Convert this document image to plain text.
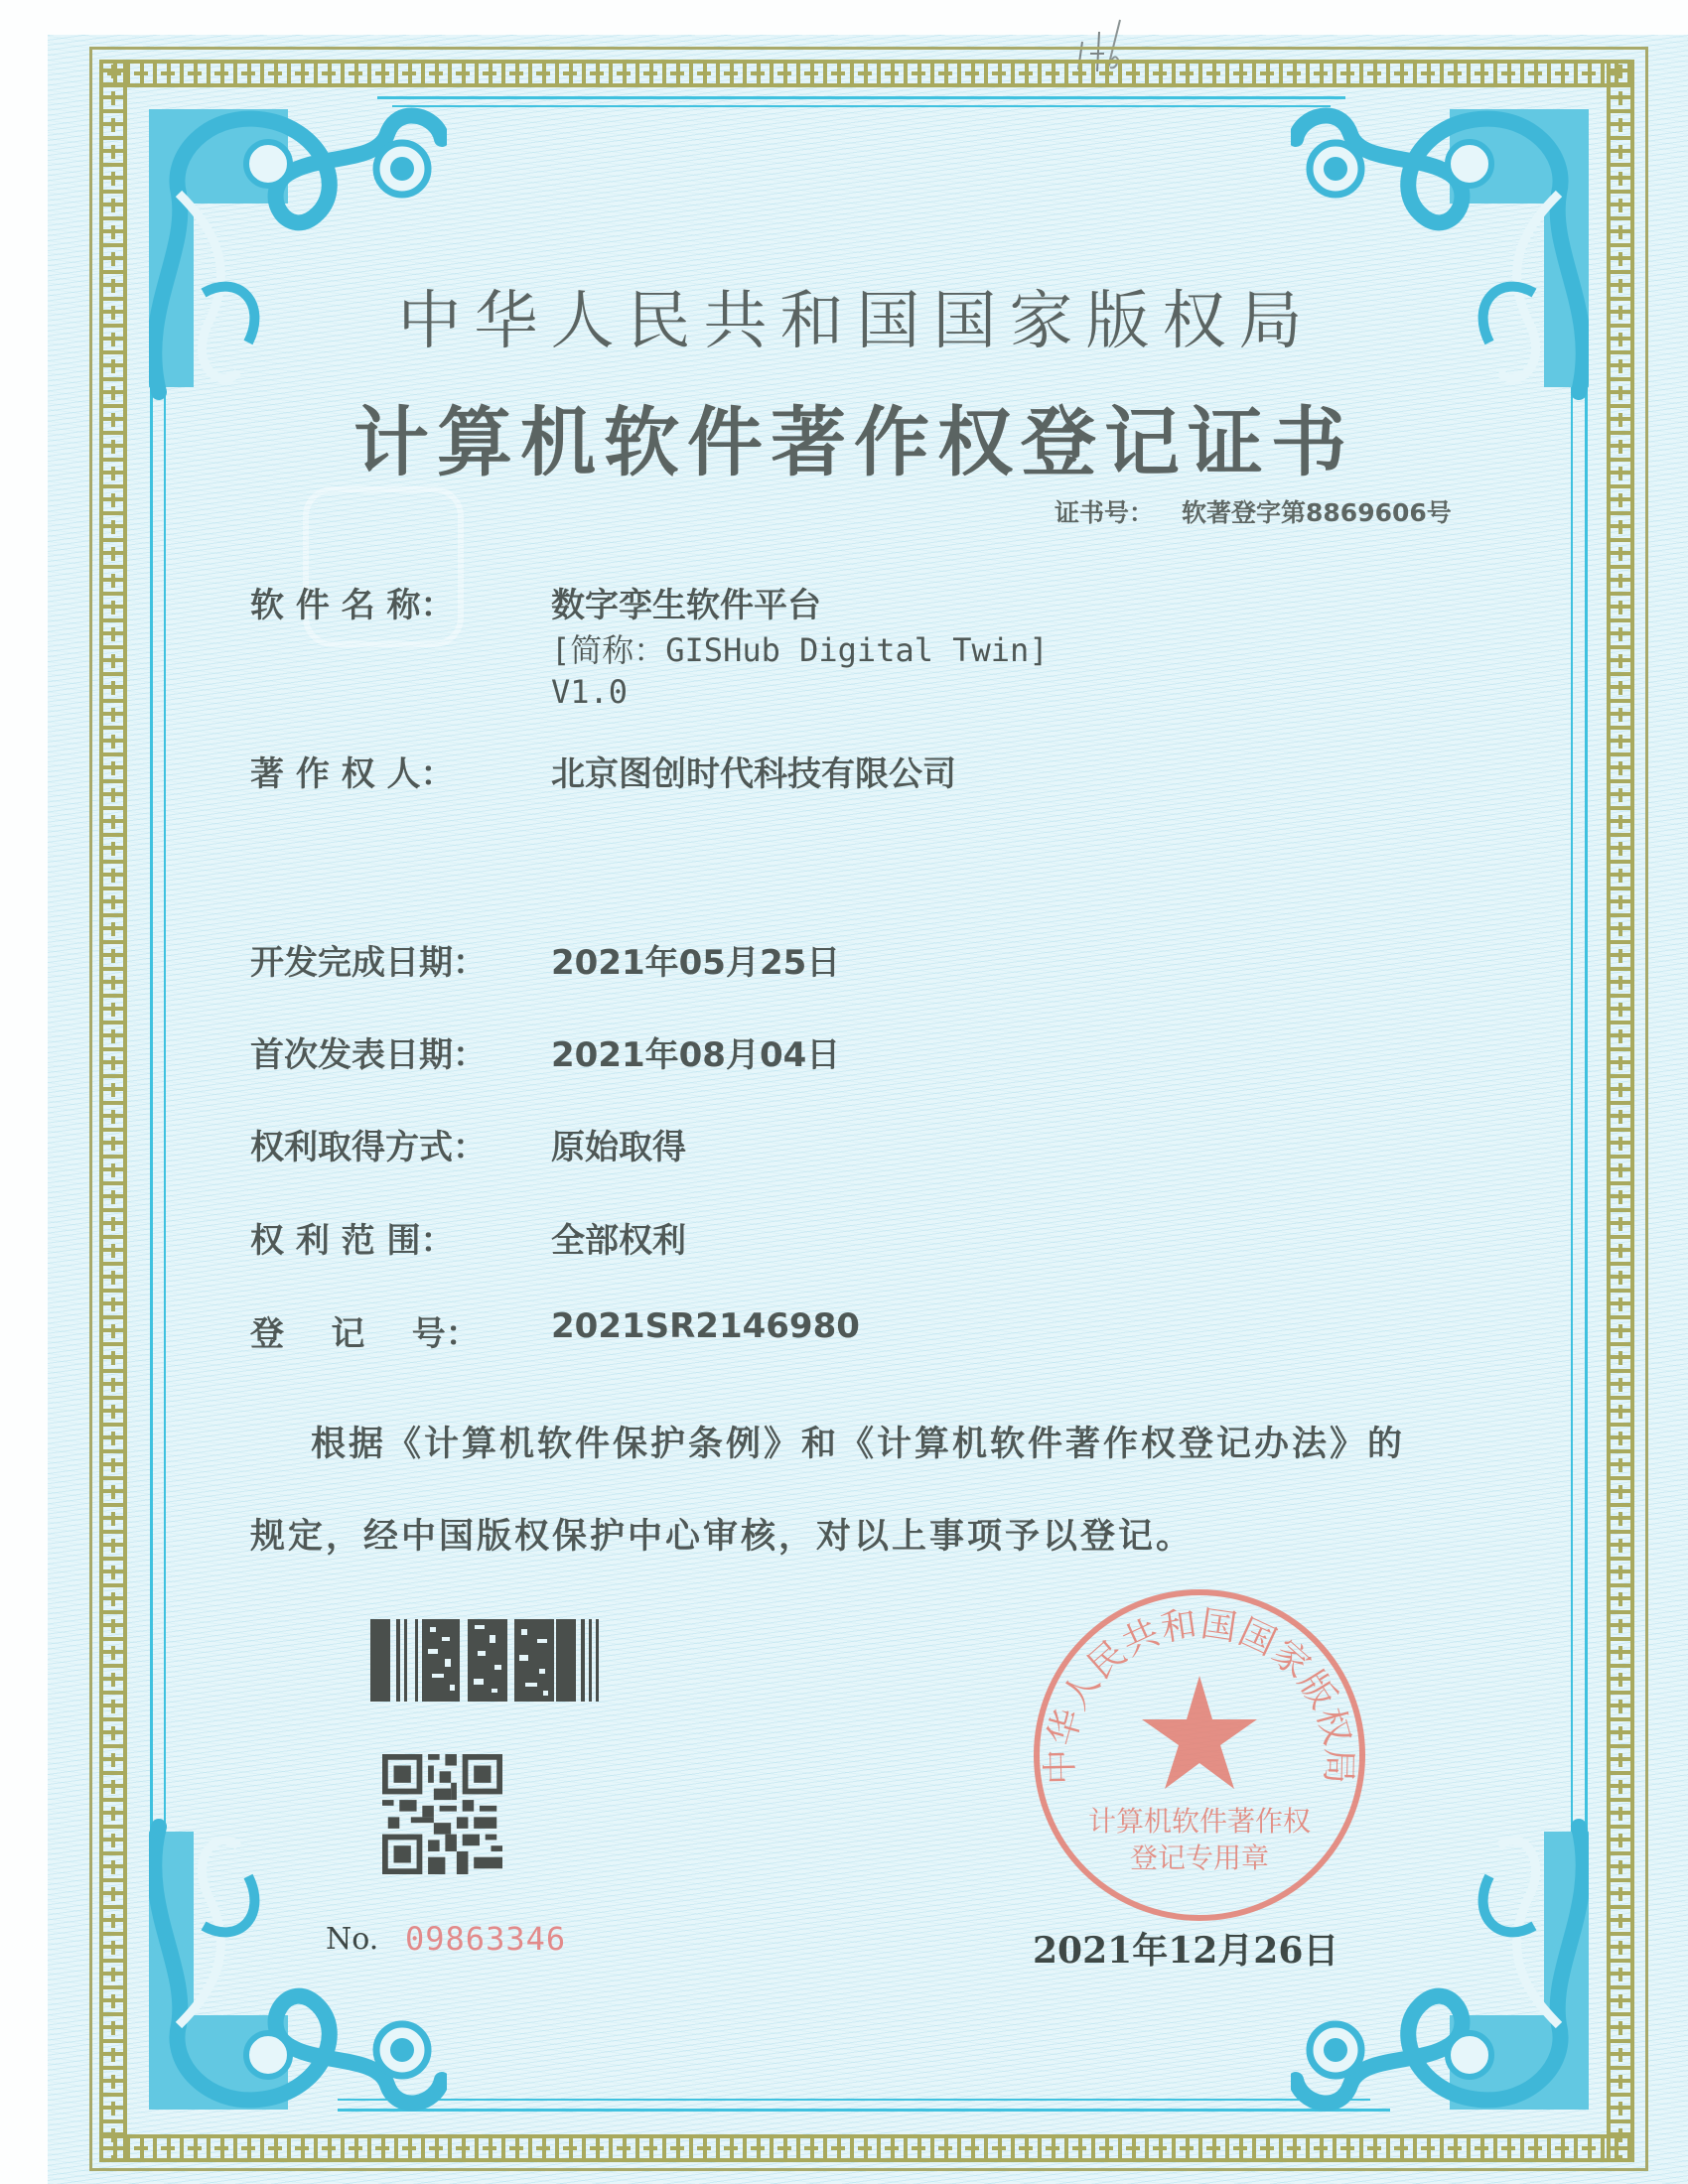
中华人民共和国国家版权局
计算机软件著作权登记证书
证书号： 软著登字第8869606号
软 件 名 称：	数字孪生软件平台
[简称：GISHub Digital Twin]
V1.0
著 作 权 人：	北京图创时代科技有限公司
开发完成日期： 2021年05月25日
首次发表日期： 2021年08月04日
权利取得方式： 原始取得
权 利 范 围：	全部权利
登    记    号： 2021SR2146980
根据《计算机软件保护条例》和《计算机软件著作权登记办法》的
规定，经中国版权保护中心审核，对以上事项予以登记。
No. 09863346
中华人民共和国国家版权局
计算机软件著作权
登记专用章
2021年12月26日
